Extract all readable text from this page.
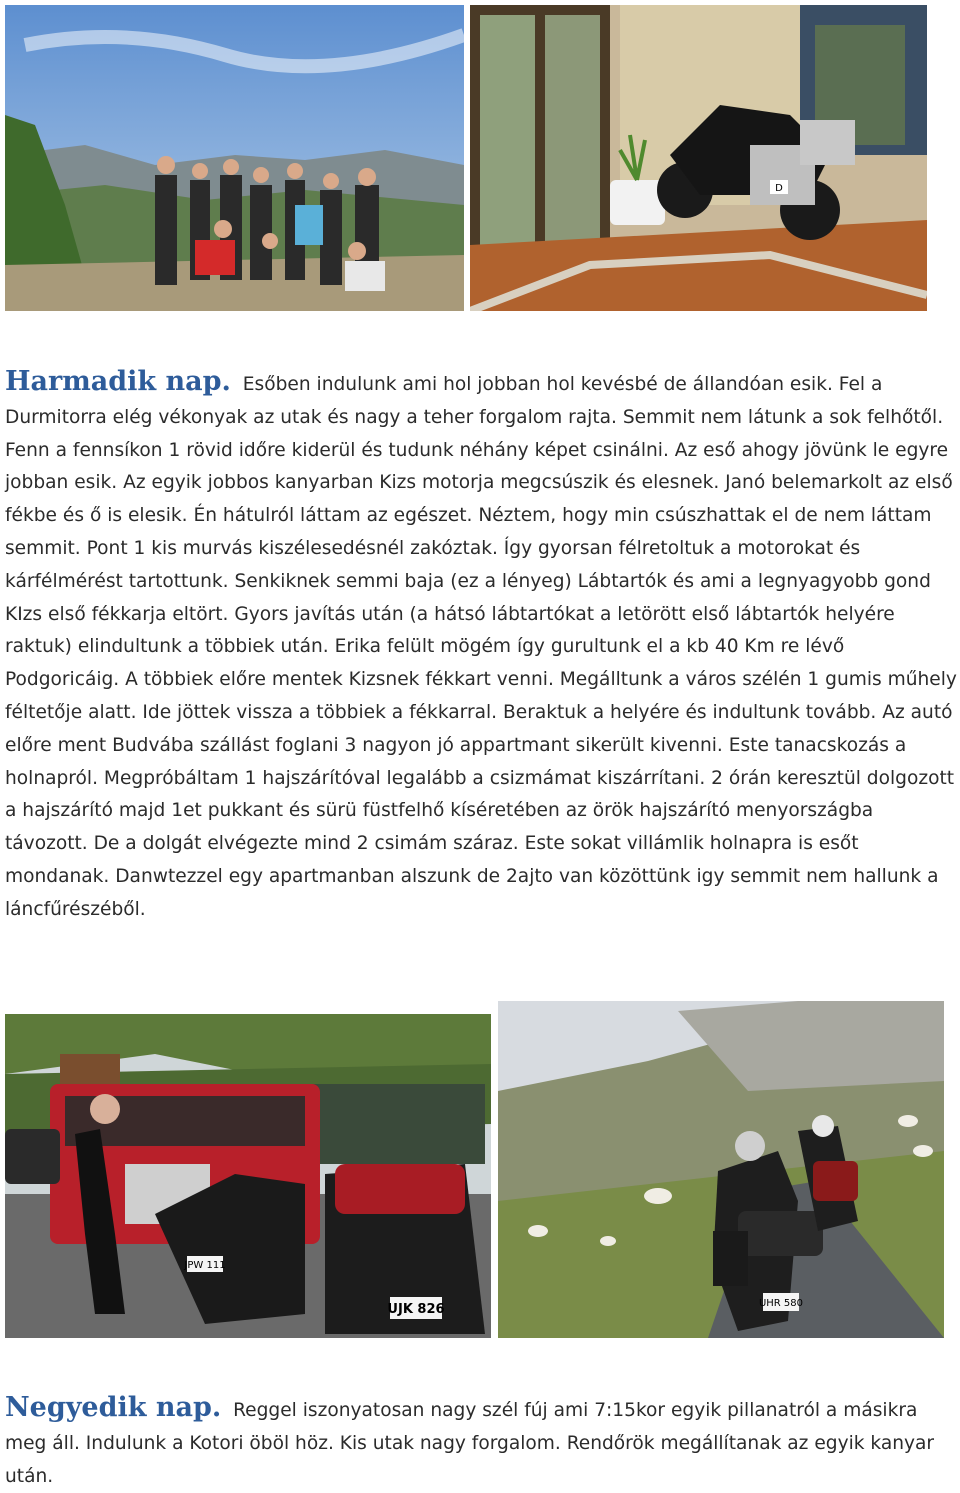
D
Harmadik nap. Esőben indulunk ami hol jobban hol kevésbé de állandóan esik. Fel a Durmitorra elég vékonyak az utak és nagy a teher forgalom rajta. Semmit nem látunk a sok felhőtől. Fenn a fennsíkon 1 rövid időre kiderül és tudunk néhány képet csinálni. Az eső ahogy jövünk le egyre jobban esik. Az egyik jobbos kanyarban Kizs motorja megcsúszik és elesnek. Janó belemarkolt az első fékbe és ő is elesik. Én hátulról láttam az egészet. Néztem, hogy min csúszhattak el de nem láttam semmit. Pont 1 kis murvás kiszélesedésnél zakóztak. Így gyorsan félretoltuk a motorokat és kárfélmérést tartottunk. Senkiknek semmi baja (ez a lényeg) Lábtartók és ami a legnyagyobb gond KIzs első fékkarja eltört. Gyors javítás után (a hátsó lábtartókat a letörött első lábtartók helyére raktuk) elindultunk a többiek után. Erika felült mögém így gurultunk el a kb 40 Km re lévő Podgoricáig. A többiek előre mentek Kizsnek fékkart venni. Megálltunk a város szélén 1 gumis műhely féltetője alatt. Ide jöttek vissza a többiek a fékkarral. Beraktuk a helyére és indultunk tovább. Az autó előre ment Budvába szállást foglani 3 nagyon jó appartmant sikerült kivenni. Este tanacskozás a holnapról. Megpróbáltam 1 hajszárítóval legalább a csizmámat kiszárrítani. 2 órán keresztül dolgozott a hajszárító majd 1et pukkant és sürü füstfelhő kíséretében az örök hajszárító menyországba távozott. De a dolgát elvégezte mind 2 csimám száraz. Este sokat villámlik holnapra is esőt mondanak. Danwtezzel egy apartmanban alszunk de 2ajto van közöttünk igy semmit nem hallunk a láncfűrészéből.
JPW 111
UJK 826	UHR 580
Negyedik nap. Reggel iszonyatosan nagy szél fúj ami 7:15kor egyik pillanatról a másikra meg áll. Indulunk a Kotori öböl höz. Kis utak nagy forgalom. Rendőrök megállítanak az egyik kanyar után.
